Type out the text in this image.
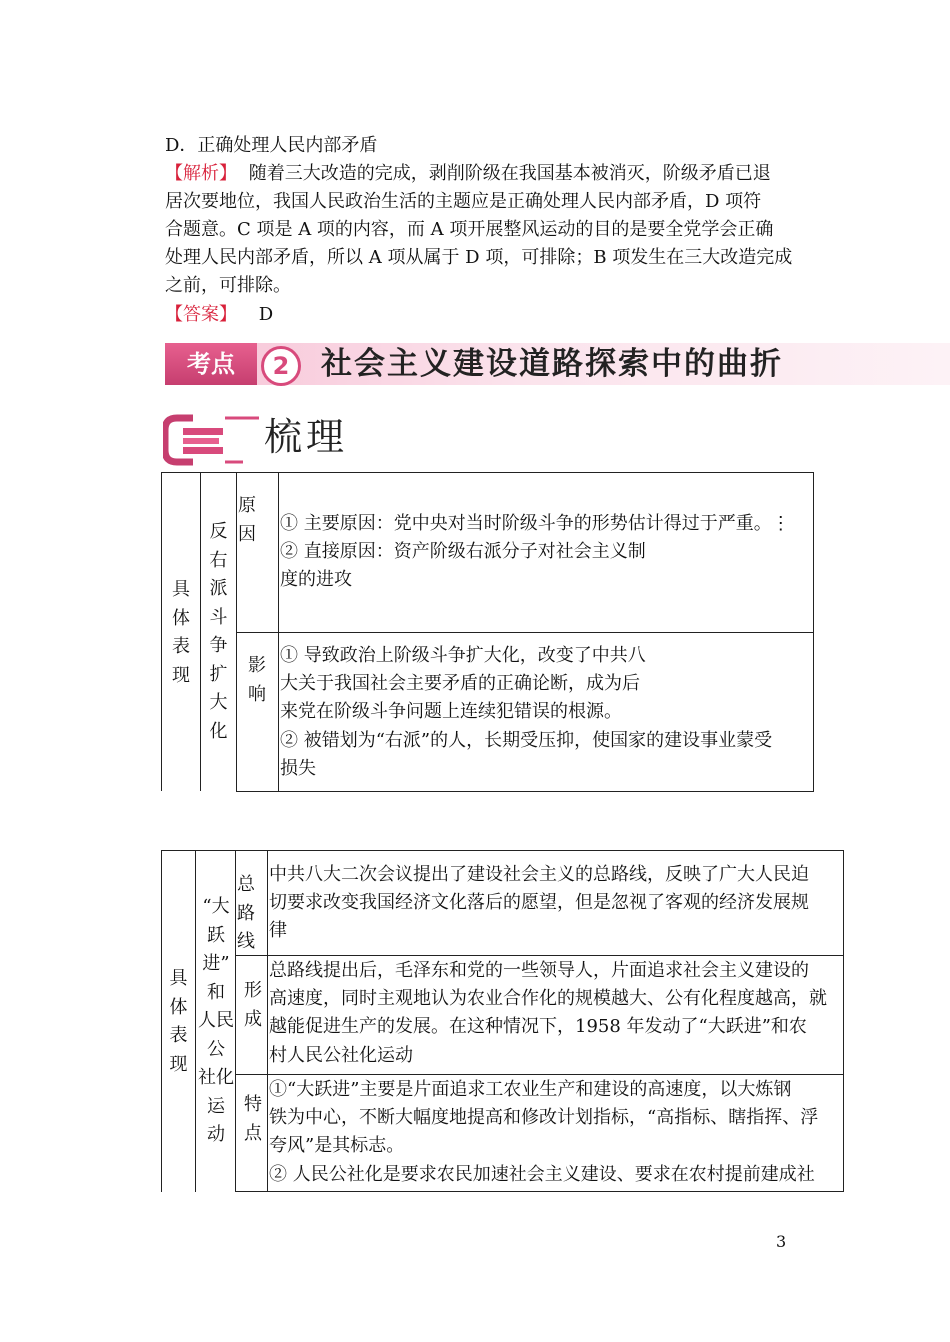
D．正确处理人民内部矛盾
【解析】 随着三大改造的完成，剥削阶级在我国基本被消灭，阶级矛盾已退
居次要地位，我国人民政治生活的主题应是正确处理人民内部矛盾，D 项符
合题意。C 项是 A 项的内容，而 A 项开展整风运动的目的是要全党学会正确
处理人民内部矛盾，所以 A 项从属于 D 项，可排除；B 项发生在三大改造完成
之前，可排除。
【答案】 D
考点	2	社会主义建设道路探索中的曲折
梳理
具
体
表
现
反
右
派
斗
争
扩
大
化
原
因
影
响
① 主要原因：党中央对当时阶级斗争的形势估计得过于严重。⋮
② 直接原因：资产阶级右派分子对社会主义制
度的进攻
① 导致政治上阶级斗争扩大化，改变了中共八
大关于我国社会主要矛盾的正确论断，成为后
来党在阶级斗争问题上连续犯错误的根源。
② 被错划为“右派”的人，长期受压抑，使国家的建设事业蒙受
损失
具
体
表
现
“大
跃
进”
和
人民
公
社化
运
动
总
路
线
形
成
特
点
中共八大二次会议提出了建设社会主义的总路线，反映了广大人民迫
切要求改变我国经济文化落后的愿望，但是忽视了客观的经济发展规
律
总路线提出后，毛泽东和党的一些领导人，片面追求社会主义建设的
高速度，同时主观地认为农业合作化的规模越大、公有化程度越高，就
越能促进生产的发展。在这种情况下，1958 年发动了“大跃进”和农
村人民公社化运动
①“大跃进”主要是片面追求工农业生产和建设的高速度，以大炼钢
铁为中心，不断大幅度地提高和修改计划指标，“高指标、瞎指挥、浮
夸风”是其标志。
② 人民公社化是要求农民加速社会主义建设、要求在农村提前建成社
3
